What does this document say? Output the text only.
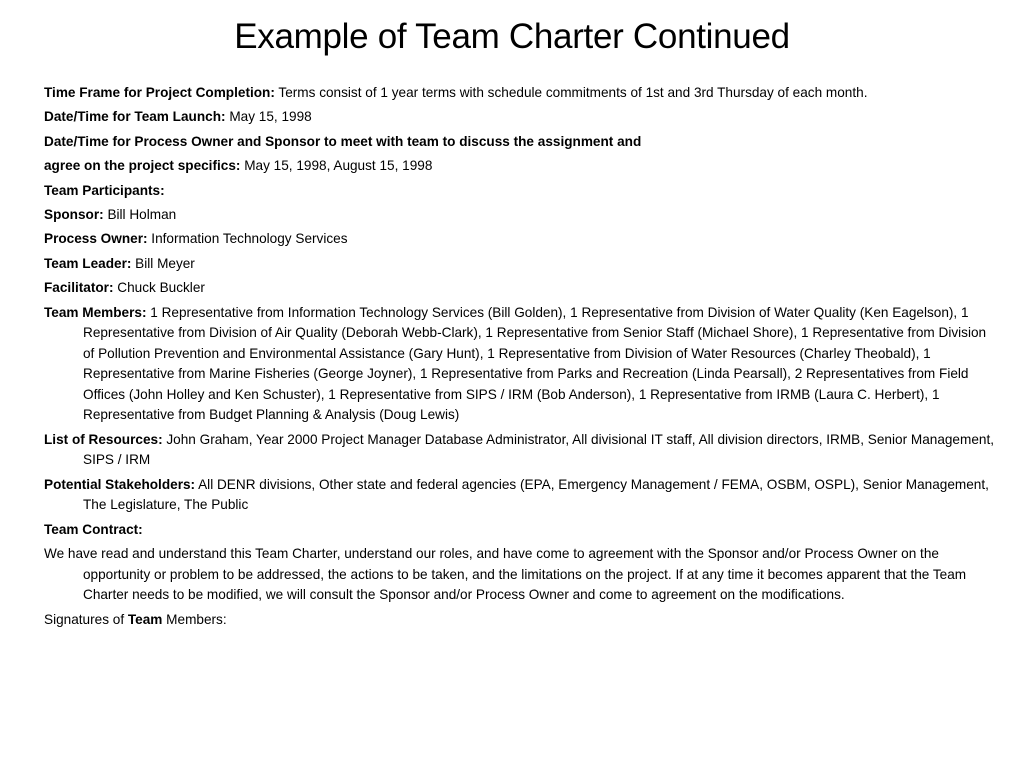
Example of Team Charter Continued

Time Frame for Project Completion: Terms consist of 1 year terms with schedule commitments of 1st and 3rd Thursday of each month.

Date/Time for Team Launch: May 15, 1998

Date/Time for Process Owner and Sponsor to meet with team to discuss the assignment and

agree on the project specifics: May 15, 1998, August 15, 1998

Team Participants:

Sponsor: Bill Holman

Process Owner: Information Technology Services

Team Leader: Bill Meyer

Facilitator: Chuck Buckler

Team Members: 1 Representative from Information Technology Services (Bill Golden), 1 Representative from Division of Water Quality (Ken Eagelson), 1 Representative from Division of Air Quality (Deborah Webb-Clark), 1 Representative from Senior Staff (Michael Shore), 1 Representative from Division of Pollution Prevention and Environmental Assistance (Gary Hunt), 1 Representative from Division of Water Resources (Charley Theobald), 1 Representative from Marine Fisheries (George Joyner), 1 Representative from Parks and Recreation (Linda Pearsall), 2 Representatives from Field Offices (John Holley and Ken Schuster), 1 Representative from SIPS / IRM (Bob Anderson), 1 Representative from IRMB (Laura C. Herbert), 1 Representative from Budget Planning & Analysis (Doug Lewis)

List of Resources: John Graham, Year 2000 Project Manager Database Administrator, All divisional IT staff, All division directors, IRMB, Senior Management, SIPS / IRM

Potential Stakeholders: All DENR divisions, Other state and federal agencies (EPA, Emergency Management / FEMA, OSBM, OSPL), Senior Management, The Legislature, The Public

Team Contract:

We have read and understand this Team Charter, understand our roles, and have come to agreement with the Sponsor and/or Process Owner on the opportunity or problem to be addressed, the actions to be taken, and the limitations on the project. If at any time it becomes apparent that the Team Charter needs to be modified, we will consult the Sponsor and/or Process Owner and come to agreement on the modifications.

Signatures of Team Members:
